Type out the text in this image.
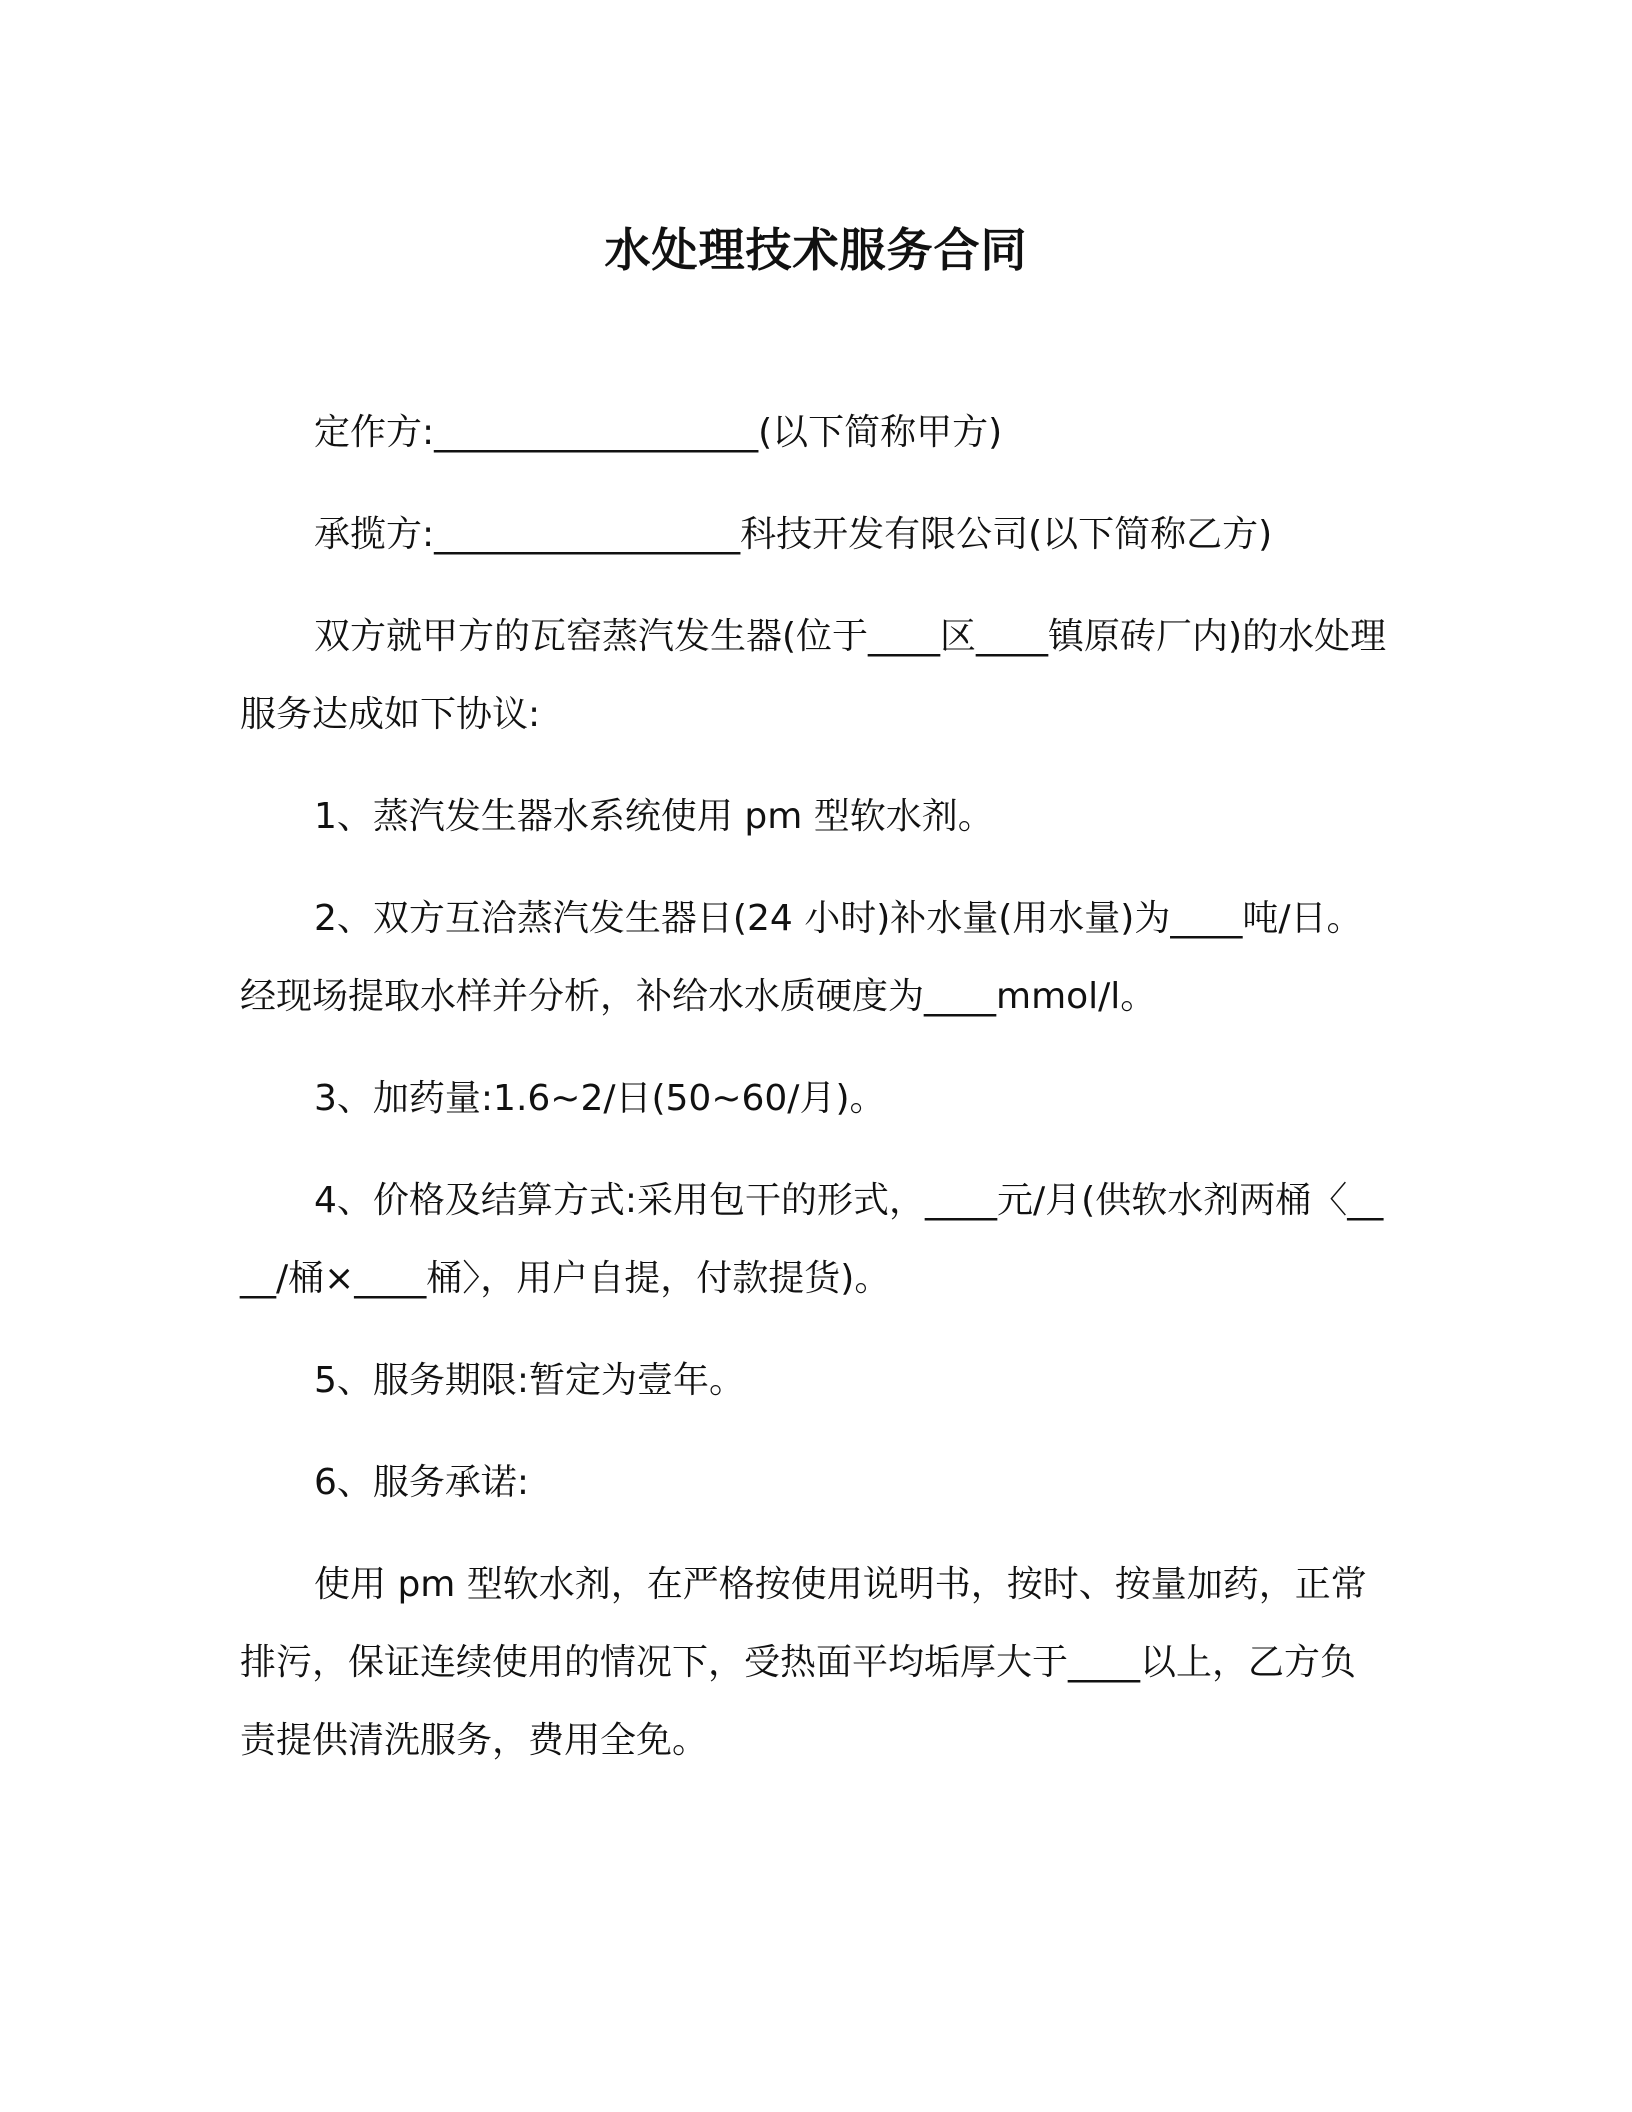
水处理技术服务合同

定作方:__________________(以下简称甲方)

承揽方:_________________科技开发有限公司(以下简称乙方)

双方就甲方的瓦窑蒸汽发生器(位于____区____镇原砖厂内)的水处理服务达成如下协议:

1、蒸汽发生器水系统使用 pm 型软水剂。

2、双方互洽蒸汽发生器日(24 小时)补水量(用水量)为____吨/日。经现场提取水样并分析，补给水水质硬度为____mmol/l。

3、加药量:1.6~2/日(50~60/月)。

4、价格及结算方式:采用包干的形式，____元/月(供软水剂两桶〈____/桶×____桶〉，用户自提，付款提货)。

5、服务期限:暂定为壹年。

6、服务承诺:

使用 pm 型软水剂，在严格按使用说明书，按时、按量加药，正常排污，保证连续使用的情况下，受热面平均垢厚大于____以上，乙方负责提供清洗服务，费用全免。
